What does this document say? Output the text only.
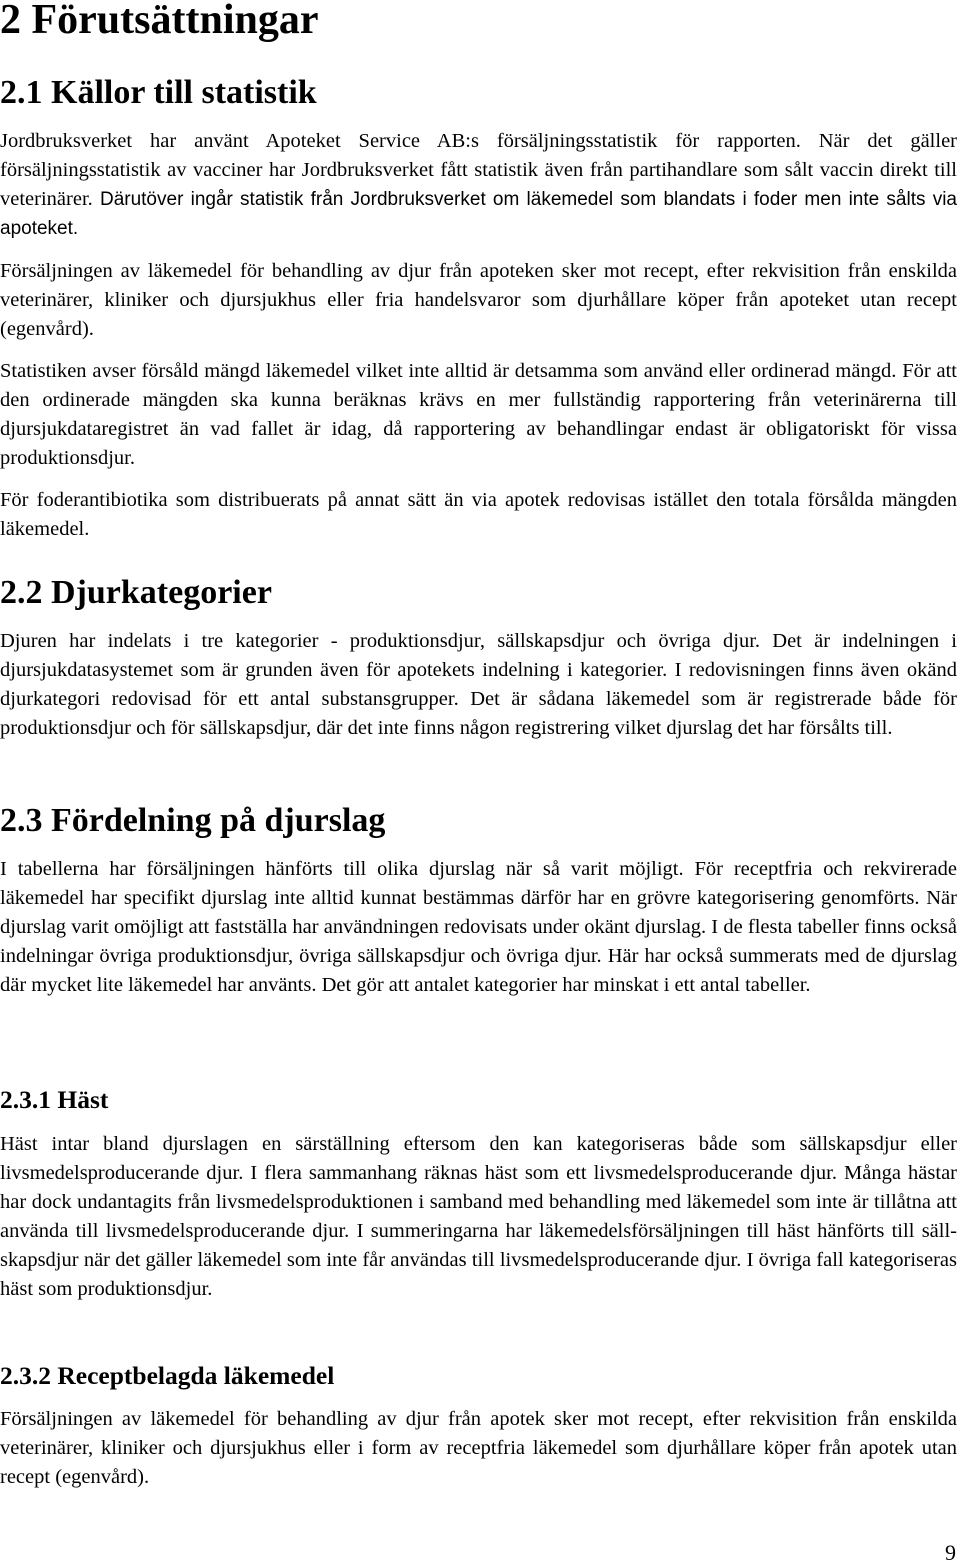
2 Förutsättningar
2.1 Källor till statistik

Jordbruksverket har använt Apoteket Service AB:s försäljningsstatistik för rapporten. När det gäller försäljningsstatistik av vacciner har Jordbruksverket fått statistik även från partihandlare som sålt vaccin direkt till veterinärer. Därutöver ingår statistik från Jordbruksverket om läkemedel som blandats i foder men inte sålts via apoteket.

Försäljningen av läkemedel för behandling av djur från apoteken sker mot recept, efter rekvisition från enskilda veterinärer, kliniker och djursjukhus eller fria handelsvaror som djurhållare köper från apoteket utan recept (egenvård).

Statistiken avser försåld mängd läkemedel vilket inte alltid är detsamma som använd eller ordinerad mängd. För att den ordinerade mängden ska kunna beräknas krävs en mer fullständig rapportering från veterinärerna till djursjukdataregistret än vad fallet är idag, då rapportering av behandlingar endast är obligatoriskt för vissa produktionsdjur.

För foderantibiotika som distribuerats på annat sätt än via apotek redovisas istället den totala försålda mängden läkemedel.

2.2 Djurkategorier

Djuren har indelats i tre kategorier - produktionsdjur, sällskapsdjur och övriga djur. Det är indelningen i djursjukdatasystemet som är grunden även för apotekets indelning i kategorier. I redovisningen finns även okänd djurkategori redovisad för ett antal substansgrupper. Det är sådana läkemedel som är registrerade både för produktionsdjur och för sällskapsdjur, där det inte finns någon registrering vilket djurslag det har försålts till.

2.3 Fördelning på djurslag

I tabellerna har försäljningen hänförts till olika djurslag när så varit möjligt. För receptfria och rekvirerade läkemedel har specifikt djurslag inte alltid kunnat bestämmas därför har en grövre kategorisering genomförts. När djurslag varit omöjligt att fastställa har användningen redovisats under okänt djurslag. I de flesta tabeller finns också indelningar övriga produktionsdjur, övriga sällskapsdjur och övriga djur. Här har också summerats med de djurslag där mycket lite läkemedel har använts. Det gör att antalet kategorier har minskat i ett antal tabeller.

2.3.1 Häst

Häst intar bland djurslagen en särställning eftersom den kan kategoriseras både som sällskapsdjur eller livsmedelsproducerande djur. I flera sammanhang räknas häst som ett livsmedelsproducerande djur. Många hästar har dock undantagits från livsmedelsproduktionen i samband med behandling med läkemedel som inte är tillåtna att använda till livsmedelsproducerande djur. I summeringarna har läkemedelsförsäljningen till häst hänförts till sällskapsdjur när det gäller läkemedel som inte får användas till livsmedelsproducerande djur. I övriga fall kategoriseras häst som produktionsdjur.

2.3.2 Receptbelagda läkemedel

Försäljningen av läkemedel för behandling av djur från apotek sker mot recept, efter rekvisition från enskilda veterinärer, kliniker och djursjukhus eller i form av receptfria läkemedel som djurhållare köper från apotek utan recept (egenvård).

9
